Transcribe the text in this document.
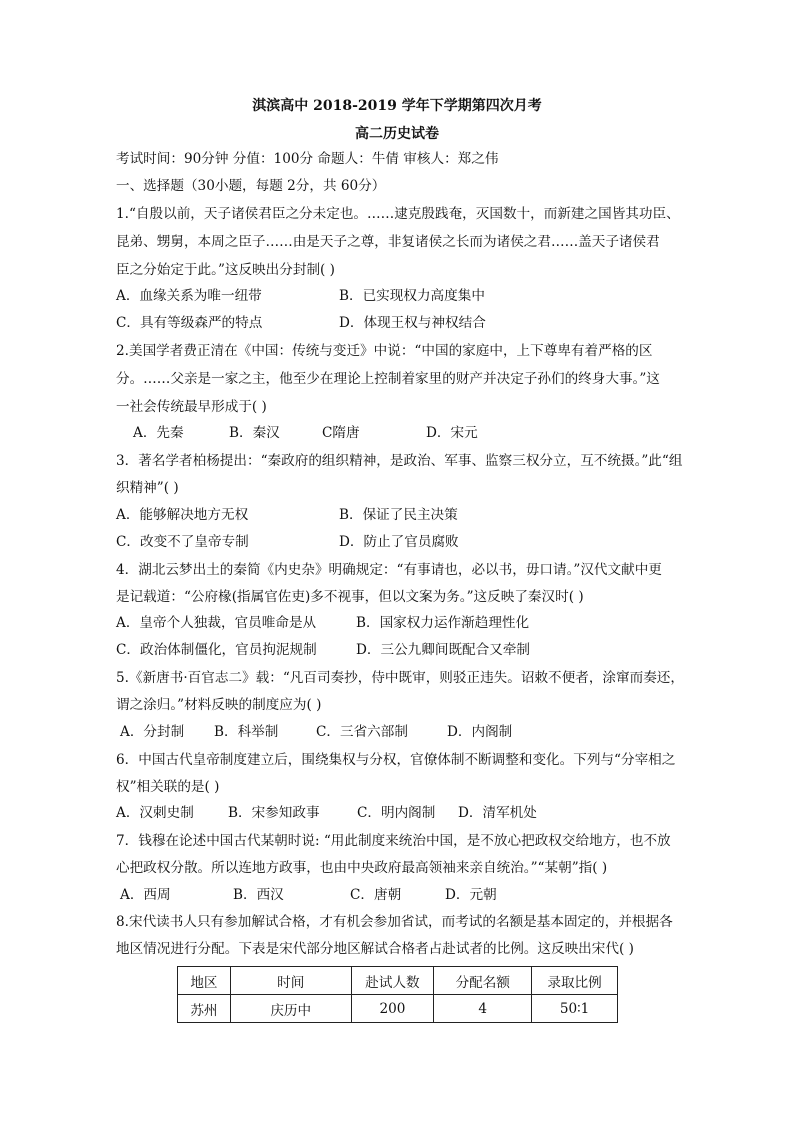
淇滨高中 2018-2019 学年下学期第四次月考
高二历史试卷
考试时间：90分钟 分值：100分 命题人：牛倩 审核人：郑之伟
一、选择题（30小题，每题 2分，共 60分）
1.“自殷以前，天子诸侯君臣之分未定也。……逮克殷践奄，灭国数十，而新建之国皆其功臣、
昆弟、甥舅，本周之臣子……由是天子之尊，非复诸侯之长而为诸侯之君……盖天子诸侯君
臣之分始定于此。”这反映出分封制( )
A．血缘关系为唯一纽带	B．已实现权力高度集中
C．具有等级森严的特点	D．体现王权与神权结合
2.美国学者费正清在《中国：传统与变迁》中说：“中国的家庭中，上下尊卑有着严格的区
分。……父亲是一家之主，他至少在理论上控制着家里的财产并决定子孙们的终身大事。”这
一社会传统最早形成于( )
A．先秦	B．秦汉	C隋唐	D．宋元
3．著名学者柏杨提出：“秦政府的组织精神，是政治、军事、监察三权分立，互不统摄。”此“组
织精神”( )
A．能够解决地方无权	B．保证了民主决策
C．改变不了皇帝专制	D．防止了官员腐败
4．湖北云梦出土的秦简《内史杂》明确规定：“有事请也，必以书，毋口请。”汉代文献中更
是记载道：“公府椽(指属官佐吏)多不视事，但以文案为务。”这反映了秦汉时( )
A．皇帝个人独裁，官员唯命是从	B．国家权力运作渐趋理性化
C．政治体制僵化，官员拘泥规制	D．三公九卿间既配合又牵制
5.《新唐书·百官志二》载：“凡百司奏抄，侍中既审，则驳正违失。诏敕不便者，涂窜而奏还，
谓之涂归。”材料反映的制度应为( )
A．分封制 B．科举制	C．三省六部制	D．内阁制
6．中国古代皇帝制度建立后，围绕集权与分权，官僚体制不断调整和变化。下列与“分宰相之
权”相关联的是( )
A．汉刺史制	B．宋参知政事	C．明内阁制 D．清军机处
7．钱穆在论述中国古代某朝时说: “用此制度来统治中国，是不放心把政权交给地方，也不放
心把政权分散。所以连地方政事，也由中央政府最高领袖来亲自统治。”“某朝”指( )
A．西周	B．西汉	C．唐朝	D．元朝
8.宋代读书人只有参加解试合格，才有机会参加省试，而考试的名额是基本固定的，并根据各
地区情况进行分配。下表是宋代部分地区解试合格者占赴试者的比例。这反映出宋代( )
地区	时间	赴试人数	分配名额	录取比例
苏州	庆历中	200	4	50∶1
